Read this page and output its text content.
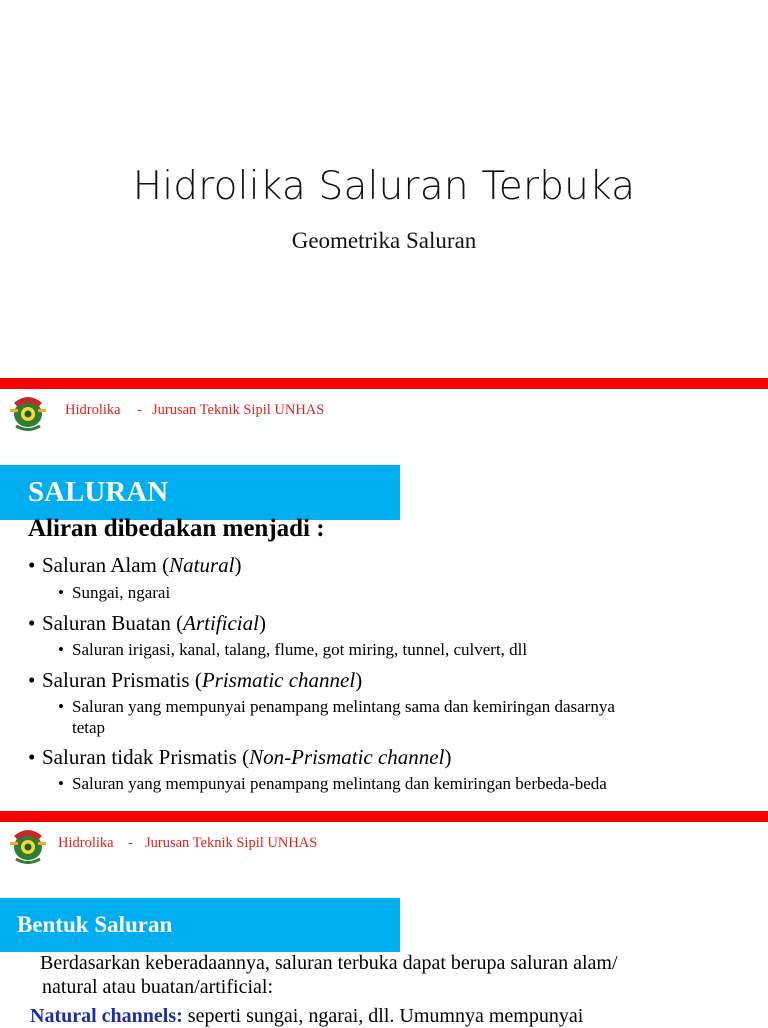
Hidrolika Saluran Terbuka
Geometrika Saluran
Hidrolika - Jurusan Teknik Sipil UNHAS
SALURAN
Aliran dibedakan menjadi :
• Saluran Alam (Natural)
• Sungai, ngarai
• Saluran Buatan (Artificial)
• Saluran irigasi, kanal, talang, flume, got miring, tunnel, culvert, dll
• Saluran Prismatis (Prismatic channel)
• Saluran yang mempunyai penampang melintang sama dan kemiringan dasarnya
tetap
• Saluran tidak Prismatis (Non-Prismatic channel)
• Saluran yang mempunyai penampang melintang dan kemiringan berbeda-beda
Hidrolika - Jurusan Teknik Sipil UNHAS
Bentuk Saluran
Berdasarkan keberadaannya, saluran terbuka dapat berupa saluran alam/
natural atau buatan/artificial:
Natural channels: seperti sungai, ngarai, dll. Umumnya mempunyai
